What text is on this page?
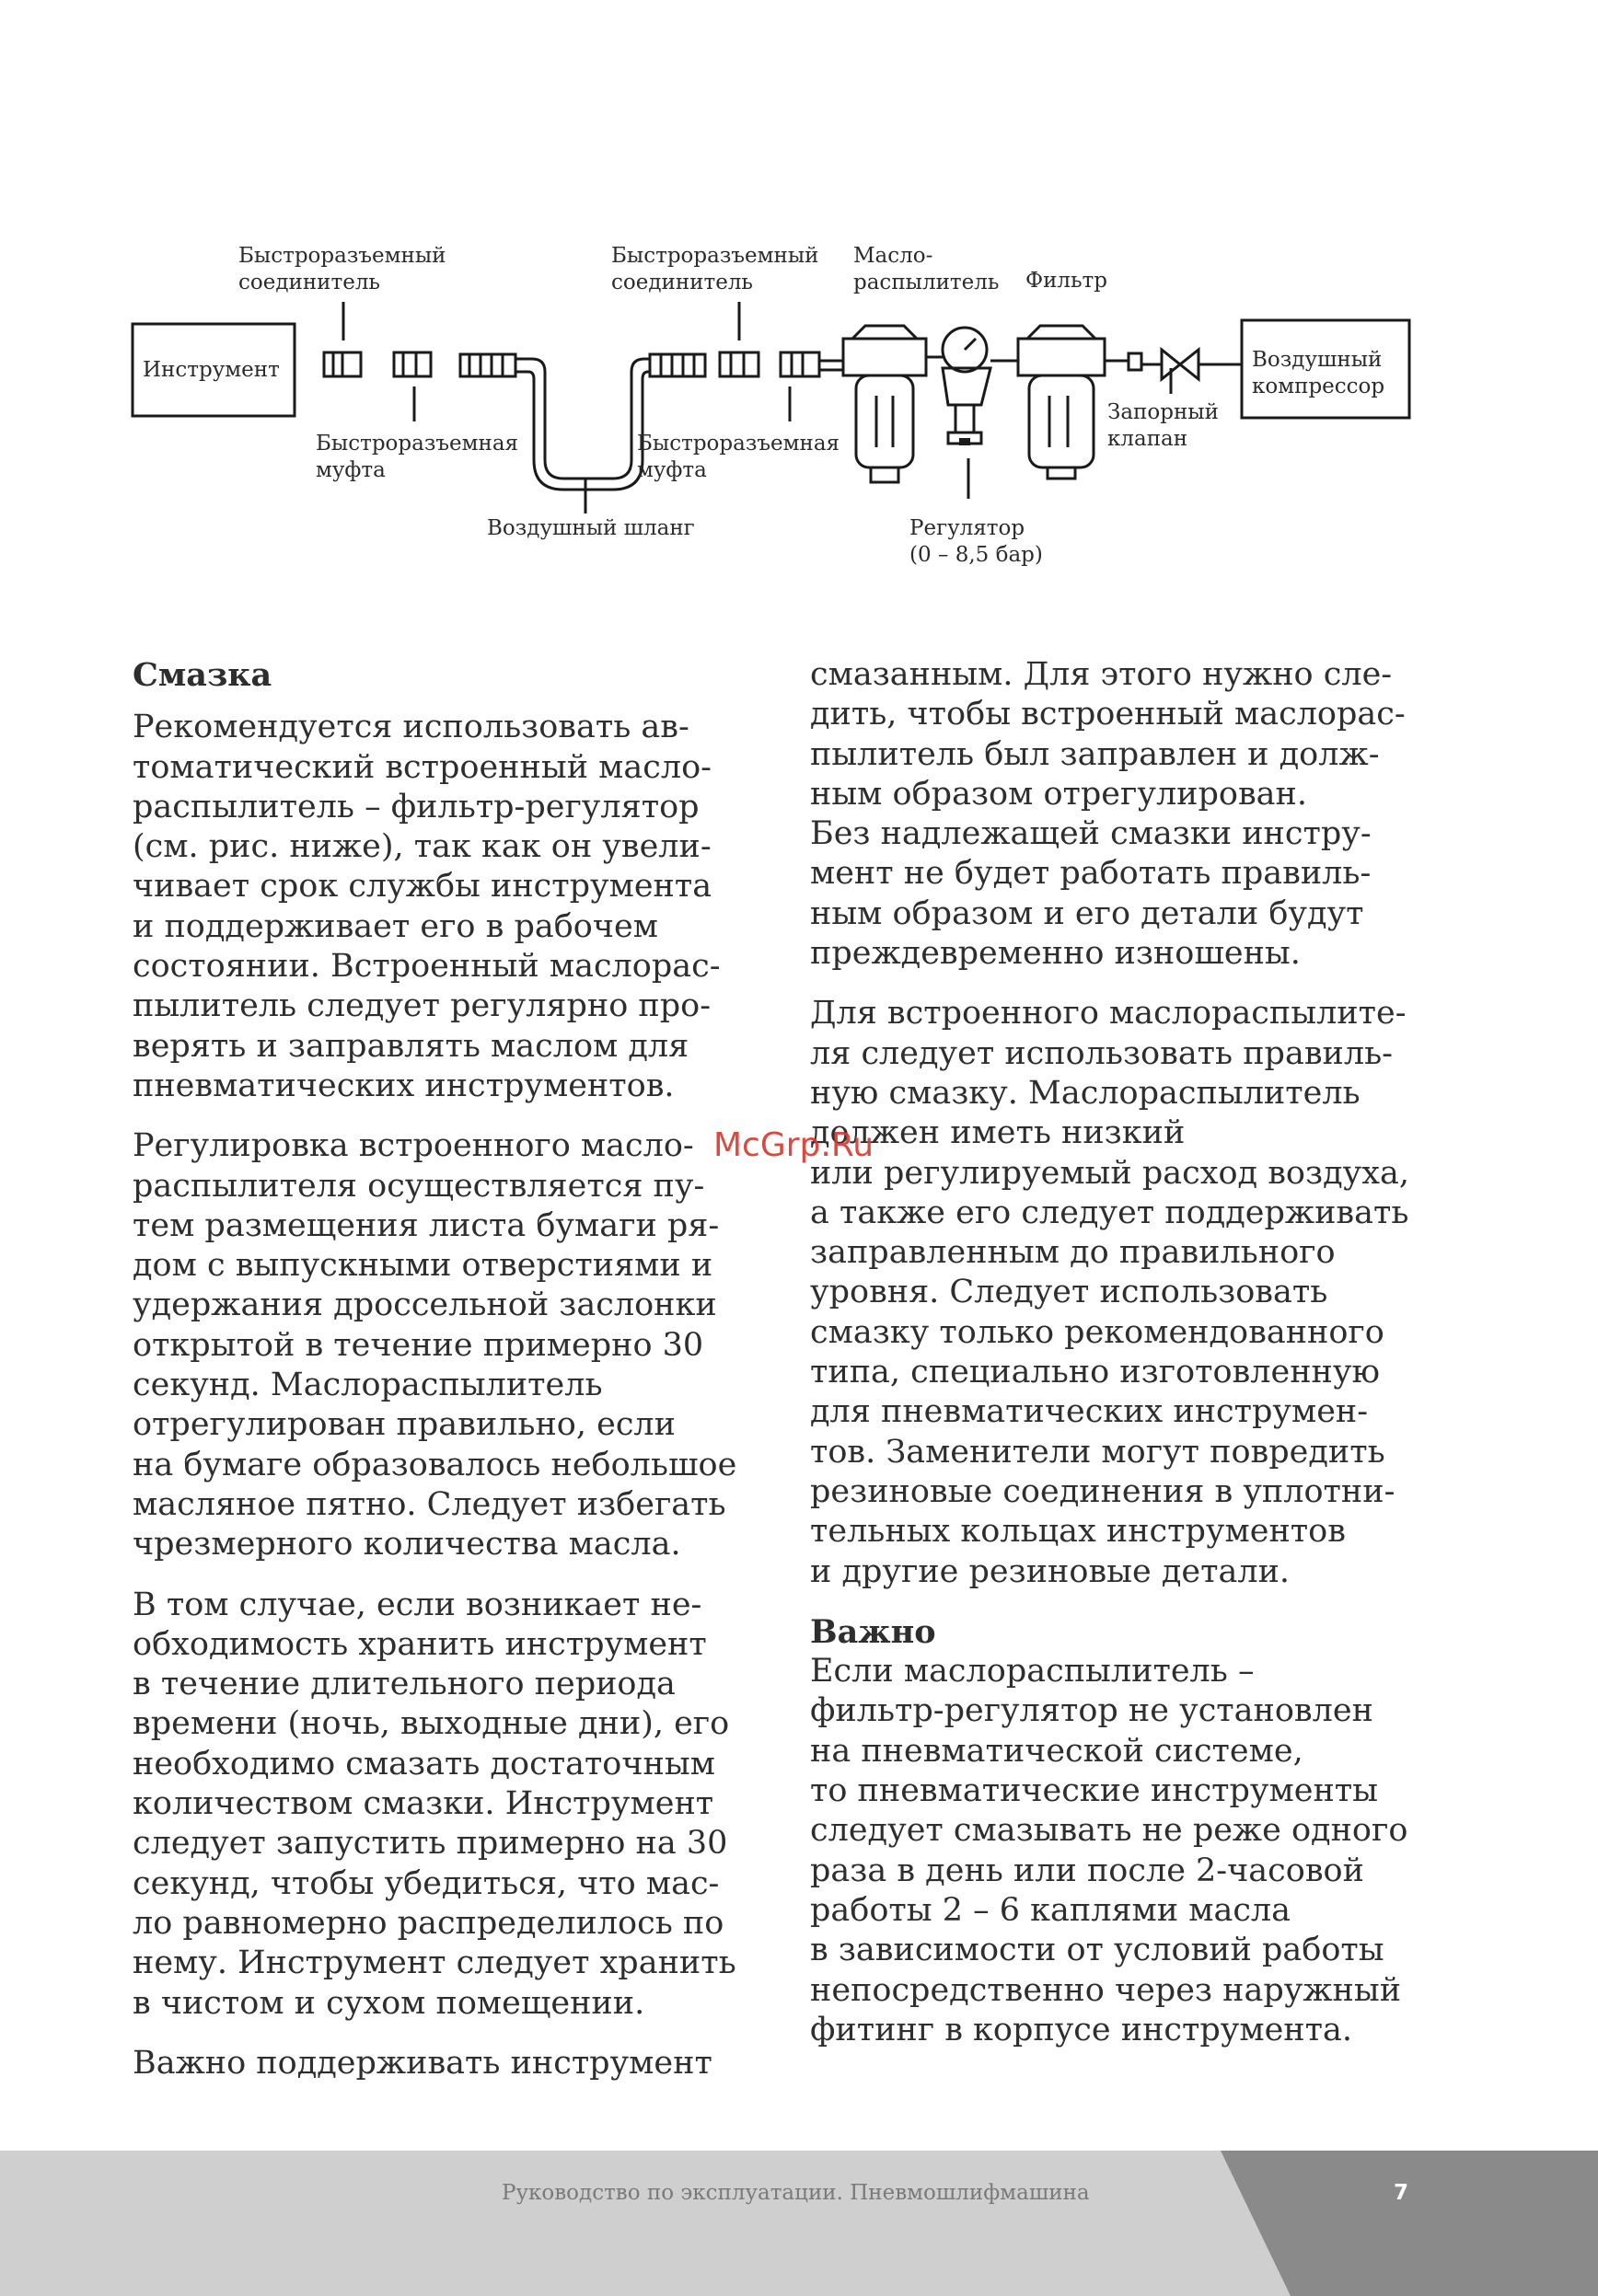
Инструмент	Воздушный
компрессор
Быстроразъемный
соединитель
Быстроразъемный
соединитель
Масло-
распылитель Фильтр
Быстроразъемная
муфта
Быстроразъемная
муфта
Воздушный шланг	Регулятор
(0 – 8,5 бар)
Запорный
клапан
Смазка

Рекомендуется использовать ав-
томатический встроенный масло-
распылитель – фильтр-регулятор
(см. рис. ниже), так как он увели-
чивает срок службы инструмента
и поддерживает его в рабочем
состоянии. Встроенный маслорас-
пылитель следует регулярно про-
верять и заправлять маслом для
пневматических инструментов.

Регулировка встроенного масло-
распылителя осуществляется пу-
тем размещения листа бумаги ря-
дом с выпускными отверстиями и
удержания дроссельной заслонки
открытой в течение примерно 30
секунд. Маслораспылитель
отрегулирован правильно, если
на бумаге образовалось небольшое
масляное пятно. Следует избегать
чрезмерного количества масла.

В том случае, если возникает не-
обходимость хранить инструмент
в течение длительного периода
времени (ночь, выходные дни), его
необходимо смазать достаточным
количеством смазки. Инструмент
следует запустить примерно на 30
секунд, чтобы убедиться, что мас-
ло равномерно распределилось по
нему. Инструмент следует хранить
в чистом и сухом помещении.

Важно поддерживать инструмент

смазанным. Для этого нужно сле-
дить, чтобы встроенный маслорас-
пылитель был заправлен и долж-
ным образом отрегулирован.
Без надлежащей смазки инстру-
мент не будет работать правиль-
ным образом и его детали будут
преждевременно изношены.

Для встроенного маслораспылите-
ля следует использовать правиль-
ную смазку. Маслораспылитель
должен иметь низкий
или регулируемый расход воздуха,
а также его следует поддерживать
заправленным до правильного
уровня. Следует использовать
смазку только рекомендованного
типа, специально изготовленную
для пневматических инструмен-
тов. Заменители могут повредить
резиновые соединения в уплотни-
тельных кольцах инструментов
и другие резиновые детали.

Важно

Если маслораспылитель –
фильтр-регулятор не установлен
на пневматической системе,
то пневматические инструменты
следует смазывать не реже одного
раза в день или после 2-часовой
работы 2 – 6 каплями масла
в зависимости от условий работы
непосредственно через наружный
фитинг в корпусе инструмента.

McGrp.Ru
Руководство по эксплуатации. Пневмошлифмашина	7
